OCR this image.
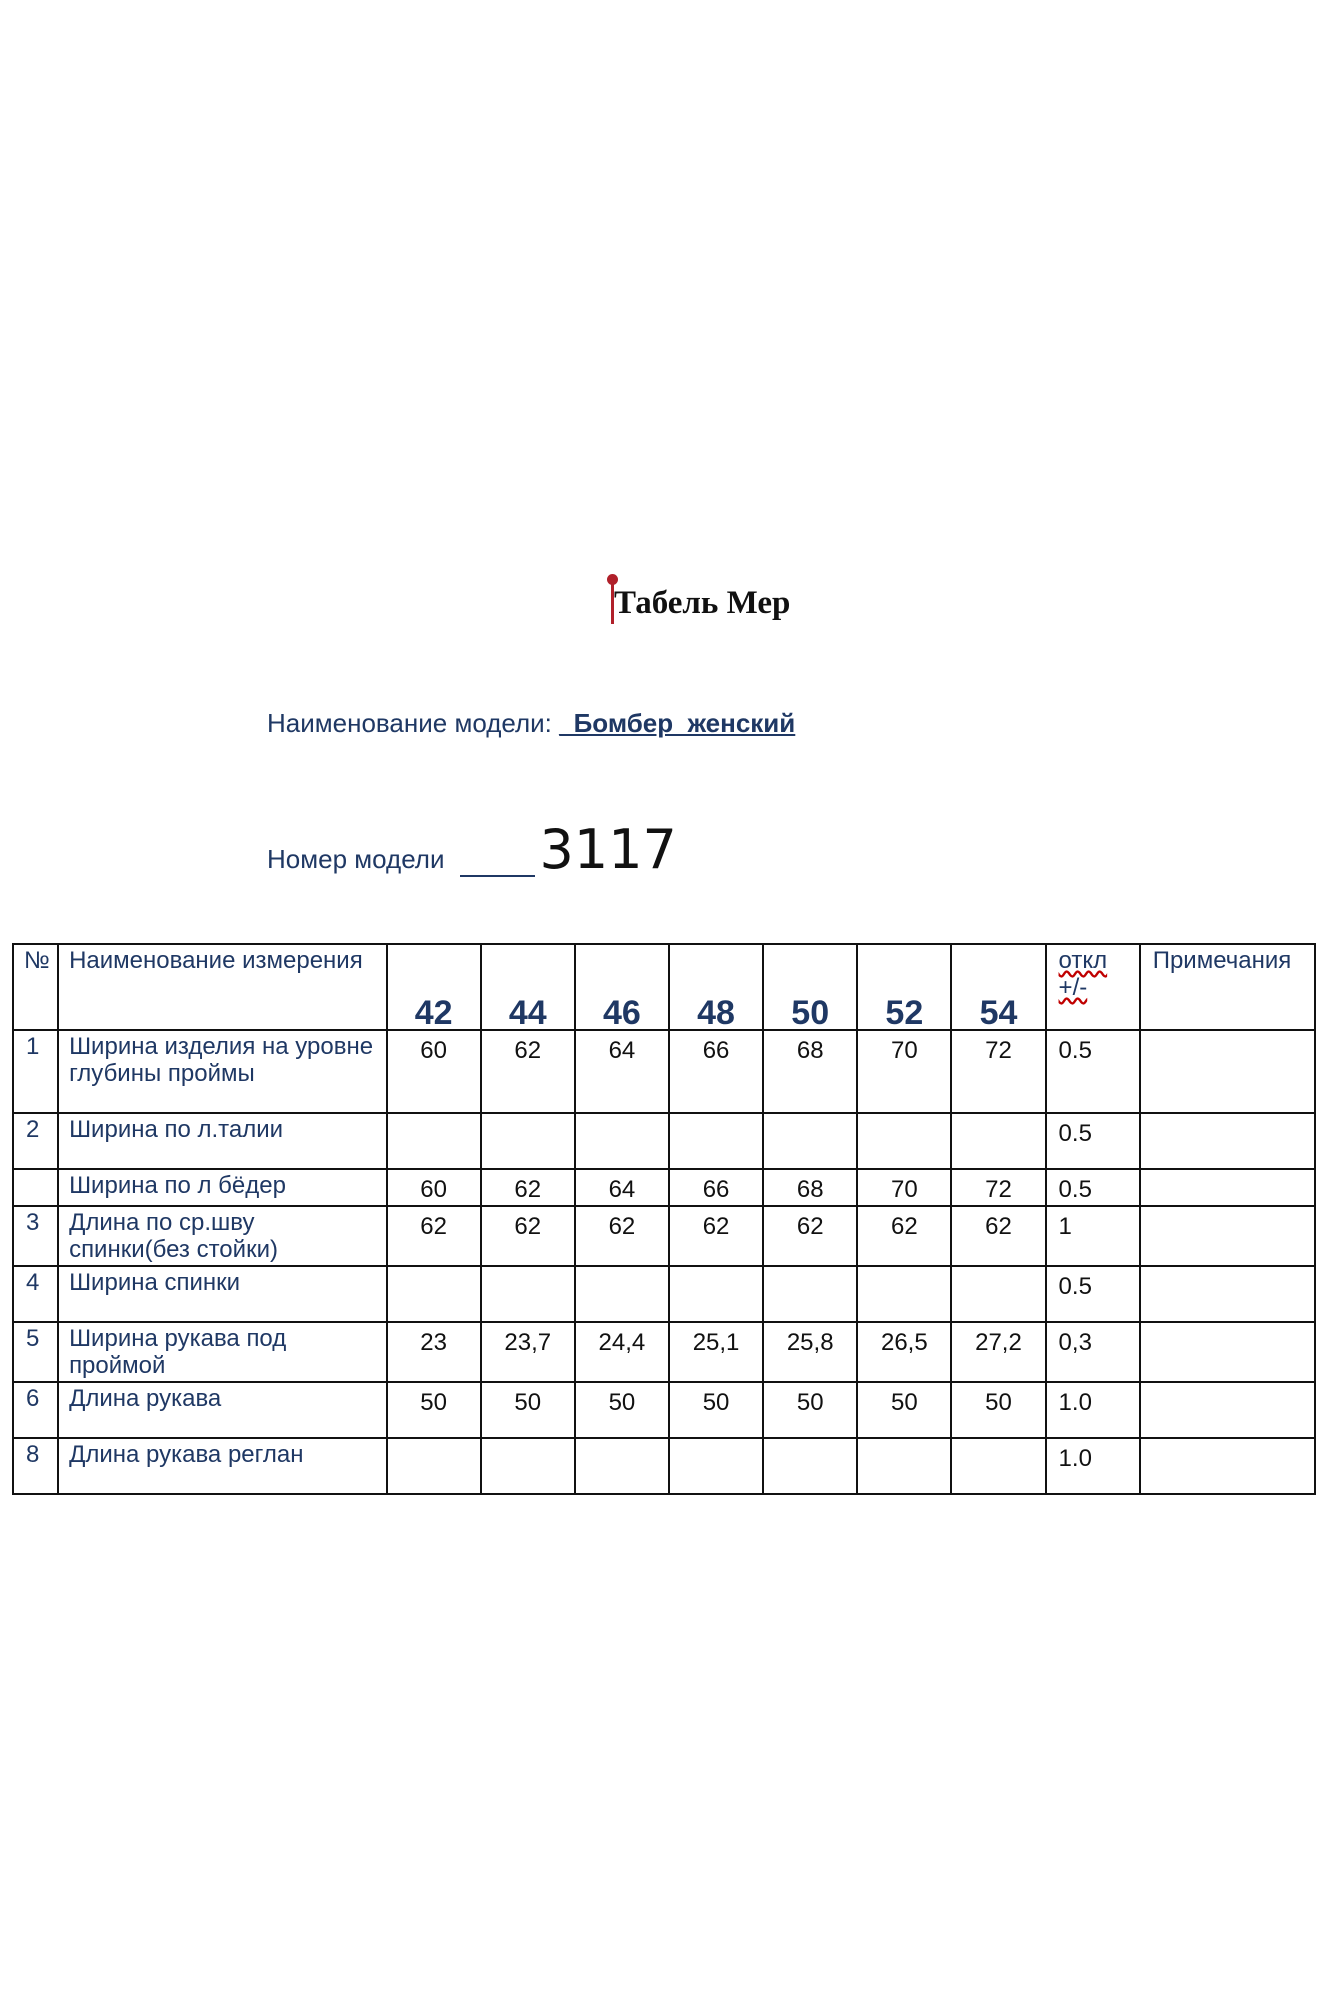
Табель Мер
Наименование модели: _Бомбер  женский
Номер модели 3117
№	Наименование измерения	42	44	46	48	50	52	54	откл +/-	Примечания
1	Ширина изделия на уровне глубины проймы	60	62	64	66	68	70	72	0.5	
2	Ширина по л.талии								0.5	
	Ширина по л бёдер	60	62	64	66	68	70	72	0.5	
3	Длина по ср.шву спинки(без стойки)	62	62	62	62	62	62	62	1	
4	Ширина спинки								0.5	
5	Ширина рукава под проймой	23	23,7	24,4	25,1	25,8	26,5	27,2	0,3	
6	Длина рукава	50	50	50	50	50	50	50	1.0	
8	Длина рукава реглан								1.0	
